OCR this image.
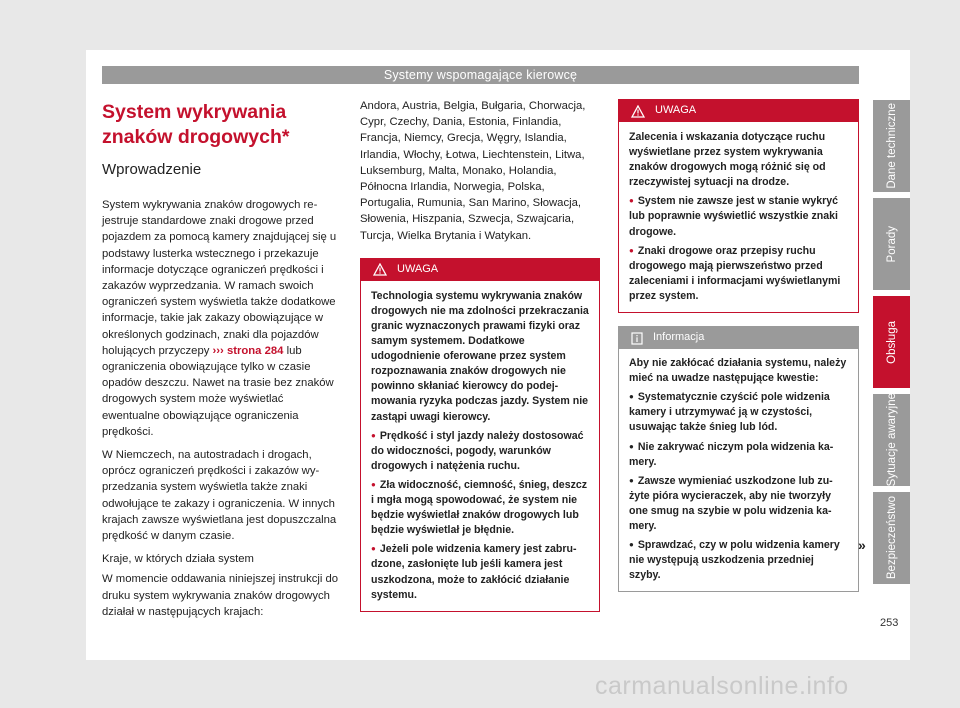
Systemy wspomagające kierowcę
System wykrywania znaków drogowych*
Wprowadzenie

System wykrywania znaków drogowych rejestruje standardowe znaki drogowe przed pojazdem za pomocą kamery znajdującej się u podstawy lusterka wstecznego i przekazuje informacje dotyczące ograniczeń prędkości i zakazów wyprzedzania. W ramach swoich ograniczeń system wyświetla także dodatkowe informacje, takie jak zakazy obowiązujące w określonych godzinach, znaki dla pojazdów holujących przyczepy ››› strona 284 lub ograniczenia obowiązujące tylko w czasie opadów deszczu. Nawet na trasie bez znaków drogowych system może wyświetlać ewentualne obowiązujące ograniczenia prędkości.

W Niemczech, na autostradach i drogach, oprócz ograniczeń prędkości i zakazów wyprzedzania system wyświetla także znaki odwołujące te zakazy i ograniczenia. W innych krajach zawsze wyświetlana jest dopuszczalna prędkość w danym czasie.

Kraje, w których działa system

W momencie oddawania niniejszej instrukcji do druku system wykrywania znaków drogowych działał w następujących krajach:

Andora, Austria, Belgia, Bułgaria, Chorwacja, Cypr, Czechy, Dania, Estonia, Finlandia, Francja, Niemcy, Grecja, Węgry, Islandia, Irlandia, Włochy, Łotwa, Liechtenstein, Litwa, Luksemburg, Malta, Monako, Holandia, Północna Irlandia, Norwegia, Polska, Portugalia, Rumunia, San Marino, Słowacja, Słowenia, Hiszpania, Szwecja, Szwajcaria, Turcja, Wielka Brytania i Watykan.

UWAGA
Technologia systemu wykrywania znaków drogowych nie ma zdolności przekraczania granic wyznaczonych prawami fizyki oraz samym systemem. Dodatkowe udogodnienie oferowane przez system rozpoznawania znaków drogowych nie powinno skłaniać kierowcy do podejmowania ryzyka podczas jazdy. System nie zastąpi uwagi kierowcy.
● Prędkość i styl jazdy należy dostosować do widoczności, pogody, warunków drogowych i natężenia ruchu.
● Zła widoczność, ciemność, śnieg, deszcz i mgła mogą spowodować, że system nie będzie wyświetlał znaków drogowych lub będzie wyświetlał je błędnie.
● Jeżeli pole widzenia kamery jest zabrudzone, zasłonięte lub jeśli kamera jest uszkodzona, może to zakłócić działanie systemu.
UWAGA
Zalecenia i wskazania dotyczące ruchu wyświetlane przez system wykrywania znaków drogowych mogą różnić się od rzeczywistej sytuacji na drodze.
● System nie zawsze jest w stanie wykryć lub poprawnie wyświetlić wszystkie znaki drogowe.
● Znaki drogowe oraz przepisy ruchu drogowego mają pierwszeństwo przed zaleceniami i informacjami wyświetlanymi przez system.
Informacja
Aby nie zakłócać działania systemu, należy mieć na uwadze następujące kwestie:
● Systematycznie czyścić pole widzenia kamery i utrzymywać ją w czystości, usuwając także śnieg lub lód.
● Nie zakrywać niczym pola widzenia kamery.
● Zawsze wymieniać uszkodzone lub zużyte pióra wycieraczek, aby nie tworzyły one smug na szybie w polu widzenia kamery.
● Sprawdzać, czy w polu widzenia kamery nie występują uszkodzenia przedniej szyby.
»
Dane techniczne
Porady
Obsługa
Sytuacje awaryjne
Bezpieczeństwo
253
carmanualsonline.info
